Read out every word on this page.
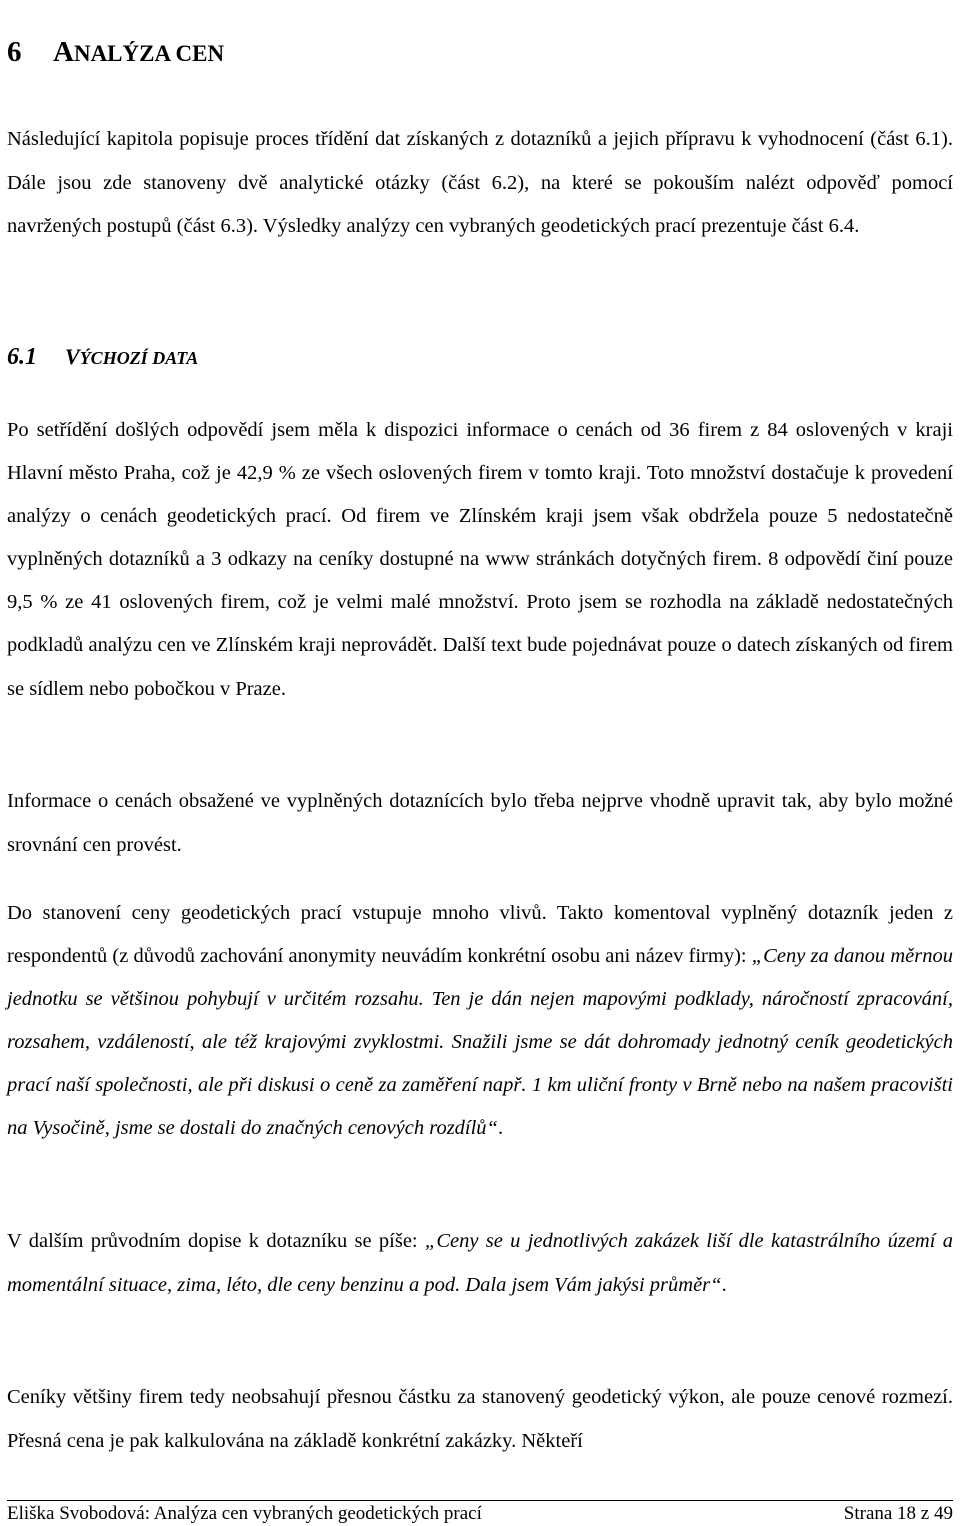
6 ANALÝZA CEN

Následující kapitola popisuje proces třídění dat získaných z dotazníků a jejich přípravu k vyhodnocení (část 6.1). Dále jsou zde stanoveny dvě analytické otázky (část 6.2), na které se pokouším nalézt odpověď pomocí navržených postupů (část 6.3). Výsledky analýzy cen vybraných geodetických prací prezentuje část 6.4.

6.1 VÝCHOZÍ DATA

Po setřídění došlých odpovědí jsem měla k dispozici informace o cenách od 36 firem z 84 oslovených v kraji Hlavní město Praha, což je 42,9 % ze všech oslovených firem v tomto kraji. Toto množství dostačuje k provedení analýzy o cenách geodetických prací. Od firem ve Zlínském kraji jsem však obdržela pouze 5 nedostatečně vyplněných dotazníků a 3 odkazy na ceníky dostupné na www stránkách dotyčných firem. 8 odpovědí činí pouze 9,5 % ze 41 oslovených firem, což je velmi malé množství. Proto jsem se rozhodla na základě nedostatečných podkladů analýzu cen ve Zlínském kraji neprovádět. Další text bude pojednávat pouze o datech získaných od firem se sídlem nebo pobočkou v Praze.

Informace o cenách obsažené ve vyplněných dotaznících bylo třeba nejprve vhodně upravit tak, aby bylo možné srovnání cen provést.

Do stanovení ceny geodetických prací vstupuje mnoho vlivů. Takto komentoval vyplněný dotazník jeden z respondentů (z důvodů zachování anonymity neuvádím konkrétní osobu ani název firmy): „Ceny za danou měrnou jednotku se většinou pohybují v určitém rozsahu. Ten je dán nejen mapovými podklady, náročností zpracování, rozsahem, vzdáleností, ale též krajovými zvyklostmi. Snažili jsme se dát dohromady jednotný ceník geodetických prací naší společnosti, ale při diskusi o ceně za zaměření např. 1 km uliční fronty v Brně nebo na našem pracovišti na Vysočině, jsme se dostali do značných cenových rozdílů“.

V dalším průvodním dopise k dotazníku se píše: „Ceny se u jednotlivých zakázek liší dle katastrálního území a momentální situace, zima, léto, dle ceny benzinu a pod. Dala jsem Vám jakýsi průměr“.

Ceníky většiny firem tedy neobsahují přesnou částku za stanovený geodetický výkon, ale pouze cenové rozmezí. Přesná cena je pak kalkulována na základě konkrétní zakázky. Někteří

Eliška Svobodová: Analýza cen vybraných geodetických prací	Strana 18 z 49
